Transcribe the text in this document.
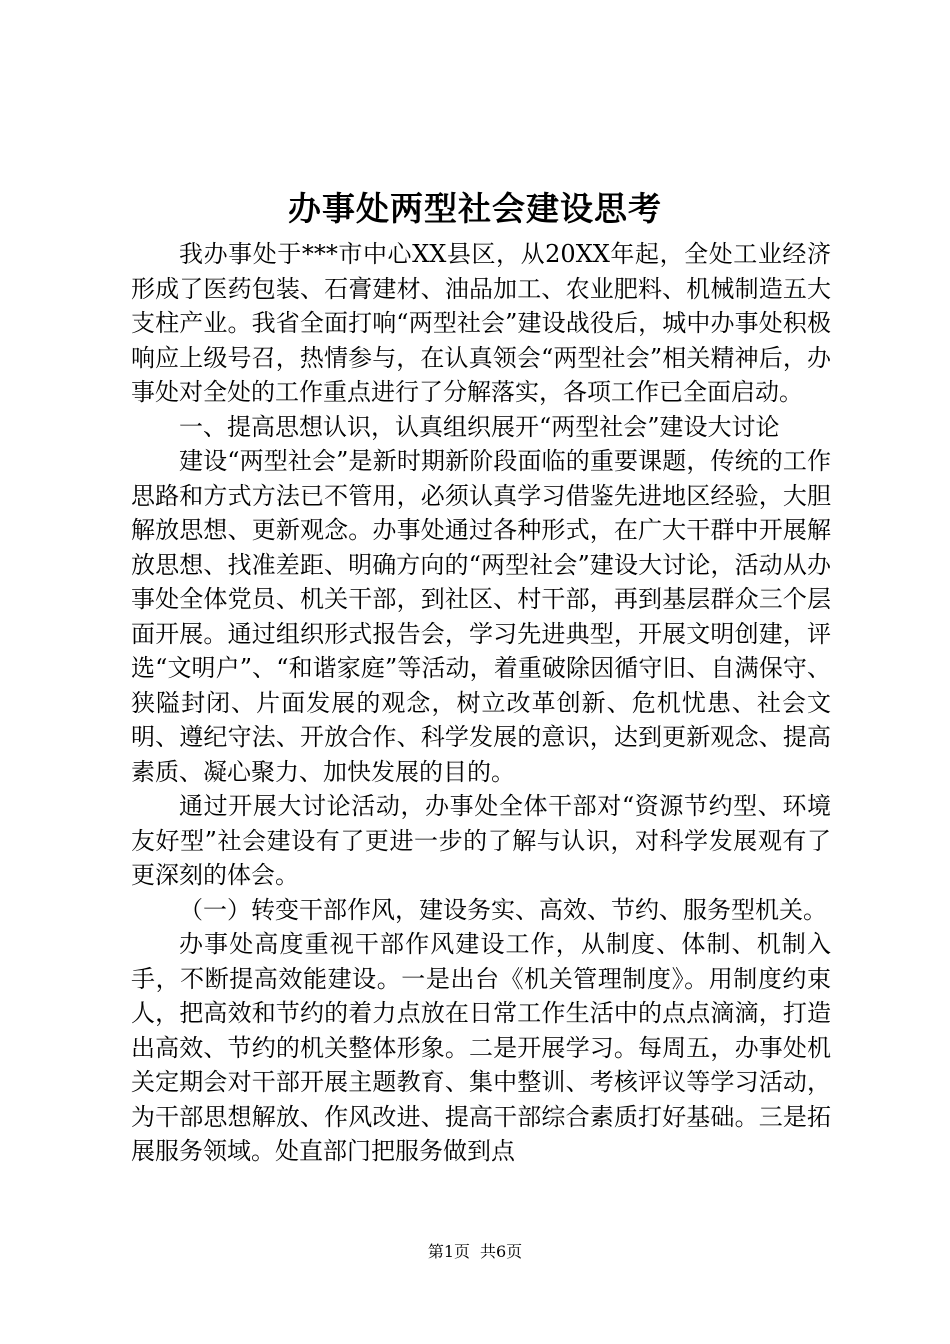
办事处两型社会建设思考

我办事处于***市中心XX县区，从20XX年起，全处工业经济形成了医药包装、石膏建材、油品加工、农业肥料、机械制造五大支柱产业。我省全面打响“两型社会”建设战役后，城中办事处积极响应上级号召，热情参与，在认真领会“两型社会”相关精神后，办事处对全处的工作重点进行了分解落实，各项工作已全面启动。

一、提高思想认识，认真组织展开“两型社会”建设大讨论

建设“两型社会”是新时期新阶段面临的重要课题，传统的工作思路和方式方法已不管用，必须认真学习借鉴先进地区经验，大胆解放思想、更新观念。办事处通过各种形式，在广大干群中开展解放思想、找准差距、明确方向的“两型社会”建设大讨论，活动从办事处全体党员、机关干部，到社区、村干部，再到基层群众三个层面开展。通过组织形式报告会，学习先进典型，开展文明创建，评选“文明户”、“和谐家庭”等活动，着重破除因循守旧、自满保守、狭隘封闭、片面发展的观念，树立改革创新、危机忧患、社会文明、遵纪守法、开放合作、科学发展的意识，达到更新观念、提高素质、凝心聚力、加快发展的目的。

通过开展大讨论活动，办事处全体干部对“资源节约型、环境友好型”社会建设有了更进一步的了解与认识，对科学发展观有了更深刻的体会。

（一）转变干部作风，建设务实、高效、节约、服务型机关。

办事处高度重视干部作风建设工作，从制度、体制、机制入手，不断提高效能建设。一是出台《机关管理制度》。用制度约束人，把高效和节约的着力点放在日常工作生活中的点点滴滴，打造出高效、节约的机关整体形象。二是开展学习。每周五，办事处机关定期会对干部开展主题教育、集中整训、考核评议等学习活动，为干部思想解放、作风改进、提高干部综合素质打好基础。三是拓展服务领域。处直部门把服务做到点

第1页 共6页
